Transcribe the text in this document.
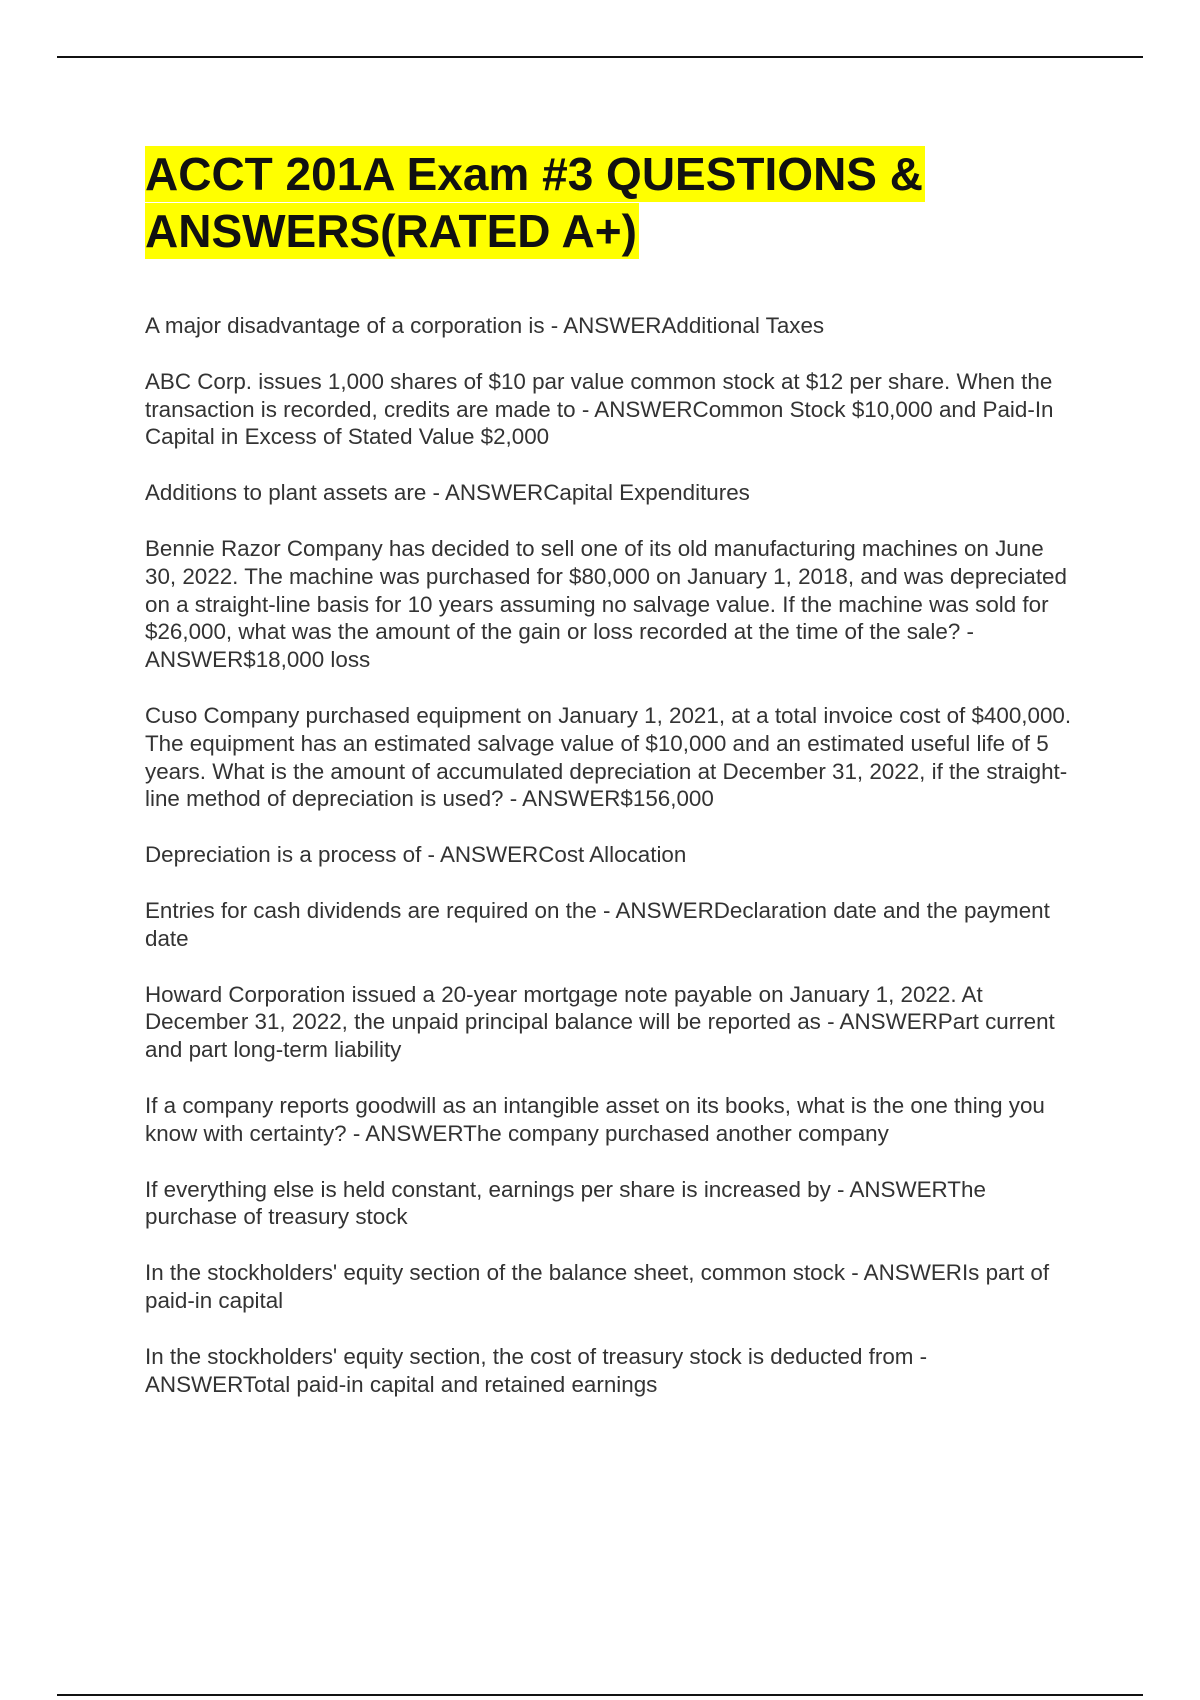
ACCT 201A Exam #3 QUESTIONS &
ANSWERS(RATED A+)
A major disadvantage of a corporation is - ANSWERAdditional Taxes
ABC Corp. issues 1,000 shares of $10 par value common stock at $12 per share. When the transaction is recorded, credits are made to - ANSWERCommon Stock $10,000 and Paid-In Capital in Excess of Stated Value $2,000
Additions to plant assets are - ANSWERCapital Expenditures
Bennie Razor Company has decided to sell one of its old manufacturing machines on June 30, 2022. The machine was purchased for $80,000 on January 1, 2018, and was depreciated on a straight-line basis for 10 years assuming no salvage value. If the machine was sold for $26,000, what was the amount of the gain or loss recorded at the time of the sale? - ANSWER$18,000 loss
Cuso Company purchased equipment on January 1, 2021, at a total invoice cost of $400,000. The equipment has an estimated salvage value of $10,000 and an estimated useful life of 5 years. What is the amount of accumulated depreciation at December 31, 2022, if the straight-line method of depreciation is used? - ANSWER$156,000
Depreciation is a process of - ANSWERCost Allocation
Entries for cash dividends are required on the - ANSWERDeclaration date and the payment date
Howard Corporation issued a 20-year mortgage note payable on January 1, 2022. At December 31, 2022, the unpaid principal balance will be reported as - ANSWERPart current and part long-term liability
If a company reports goodwill as an intangible asset on its books, what is the one thing you know with certainty? - ANSWERThe company purchased another company
If everything else is held constant, earnings per share is increased by - ANSWERThe purchase of treasury stock
In the stockholders' equity section of the balance sheet, common stock - ANSWERIs part of paid-in capital
In the stockholders' equity section, the cost of treasury stock is deducted from - ANSWERTotal paid-in capital and retained earnings
